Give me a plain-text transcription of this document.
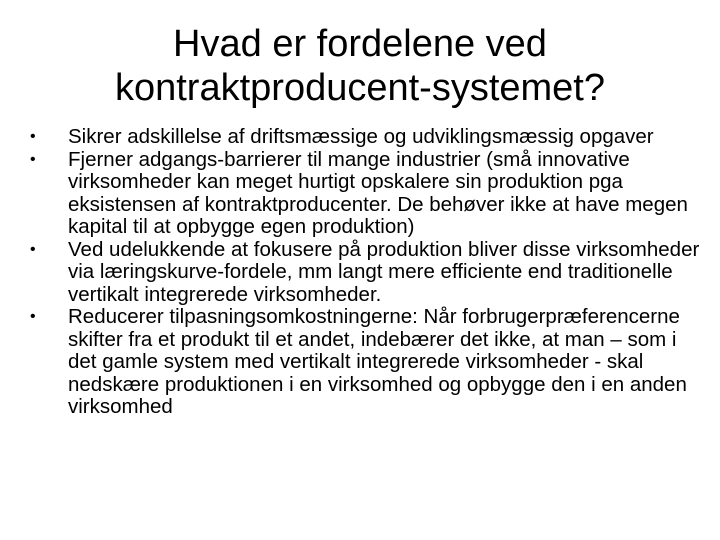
Hvad er fordelene ved
kontraktproducent-systemet?
•	Sikrer adskillelse af driftsmæssige og udviklingsmæssig opgaver
•	Fjerner adgangs-barrierer til mange industrier (små innovative virksomheder kan meget hurtigt opskalere sin produktion pga eksistensen af kontraktproducenter. De behøver ikke at have megen kapital til at opbygge egen produktion)
•	Ved udelukkende at fokusere på produktion bliver disse virksomheder via læringskurve-fordele, mm langt mere efficiente end traditionelle vertikalt integrerede virksomheder.
•	Reducerer tilpasningsomkostningerne: Når forbrugerpræferencerne skifter fra et produkt til et andet, indebærer det ikke, at man – som i det gamle system med vertikalt integrerede virksomheder - skal nedskære produktionen i en virksomhed og opbygge den i en anden virksomhed
